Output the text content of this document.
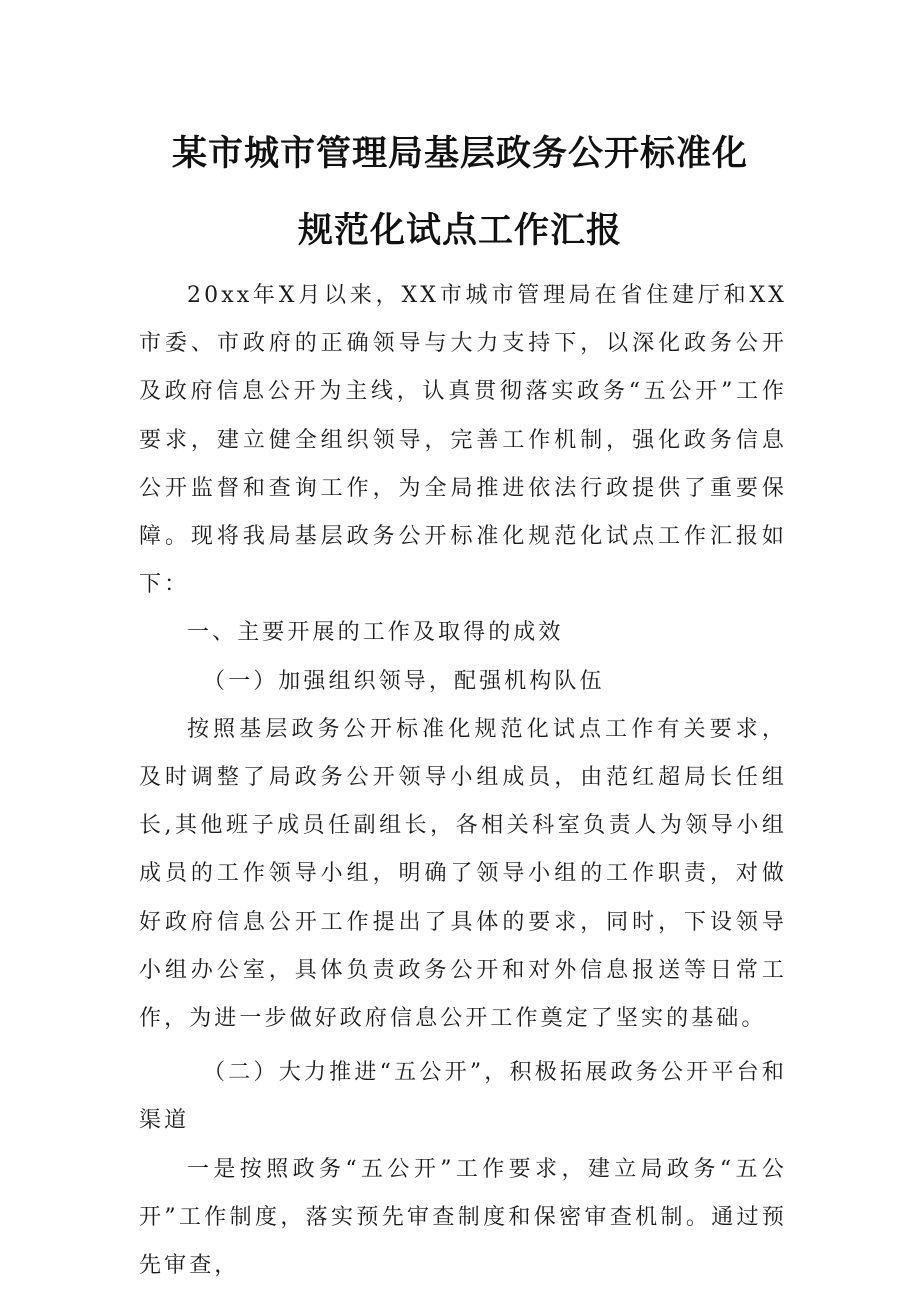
某市城市管理局基层政务公开标准化
规范化试点工作汇报

20xx年X月以来，XX市城市管理局在省住建厅和XX市委、市政府的正确领导与大力支持下，以深化政务公开及政府信息公开为主线，认真贯彻落实政务“五公开”工作要求，建立健全组织领导，完善工作机制，强化政务信息公开监督和查询工作，为全局推进依法行政提供了重要保障。现将我局基层政务公开标准化规范化试点工作汇报如下：

一、主要开展的工作及取得的成效

（一）加强组织领导，配强机构队伍

按照基层政务公开标准化规范化试点工作有关要求，及时调整了局政务公开领导小组成员，由范红超局长任组长,其他班子成员任副组长，各相关科室负责人为领导小组成员的工作领导小组，明确了领导小组的工作职责，对做好政府信息公开工作提出了具体的要求，同时，下设领导小组办公室，具体负责政务公开和对外信息报送等日常工作，为进一步做好政府信息公开工作奠定了坚实的基础。

（二）大力推进“五公开”，积极拓展政务公开平台和渠道

一是按照政务“五公开”工作要求，建立局政务“五公开”工作制度，落实预先审查制度和保密审查机制。通过预先审查，
